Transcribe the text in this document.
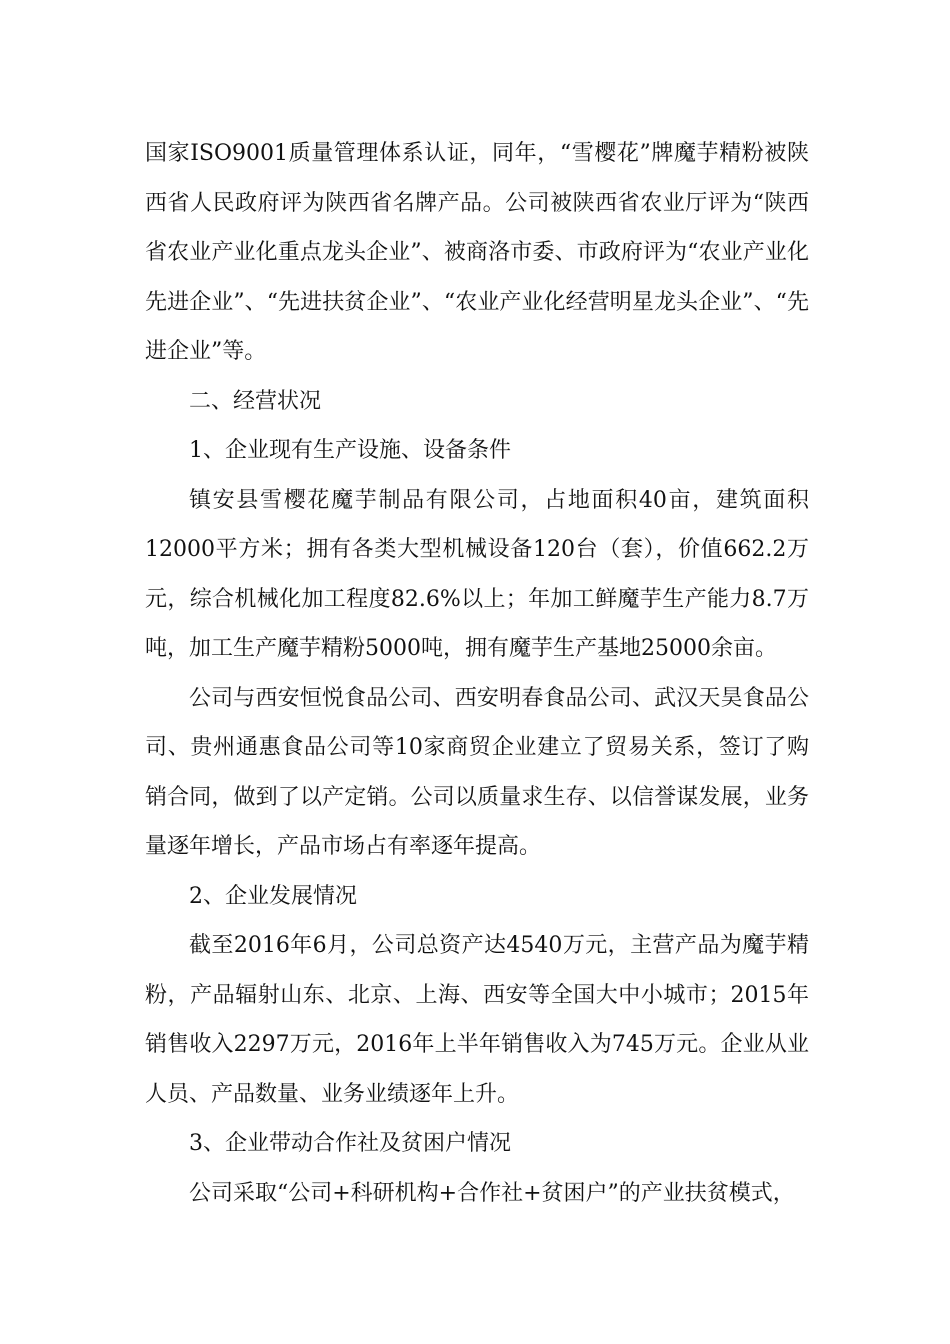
国家ISO9001质量管理体系认证，同年，“雪樱花”牌魔芋精粉被陕西省人民政府评为陕西省名牌产品。公司被陕西省农业厅评为“陕西省农业产业化重点龙头企业”、被商洛市委、市政府评为“农业产业化先进企业”、“先进扶贫企业”、“农业产业化经营明星龙头企业”、“先进企业”等。

二、经营状况

1、企业现有生产设施、设备条件

镇安县雪樱花魔芋制品有限公司，占地面积40亩，建筑面积12000平方米；拥有各类大型机械设备120台（套），价值662.2万元，综合机械化加工程度82.6%以上；年加工鲜魔芋生产能力8.7万吨，加工生产魔芋精粉5000吨，拥有魔芋生产基地25000余亩。

公司与西安恒悦食品公司、西安明春食品公司、武汉天昊食品公司、贵州通惠食品公司等10家商贸企业建立了贸易关系，签订了购销合同，做到了以产定销。公司以质量求生存、以信誉谋发展，业务量逐年增长，产品市场占有率逐年提高。

2、企业发展情况

截至2016年6月，公司总资产达4540万元，主营产品为魔芋精粉，产品辐射山东、北京、上海、西安等全国大中小城市；2015年销售收入2297万元，2016年上半年销售收入为745万元。企业从业人员、产品数量、业务业绩逐年上升。

3、企业带动合作社及贫困户情况

公司采取“公司+科研机构+合作社+贫困户”的产业扶贫模式，
